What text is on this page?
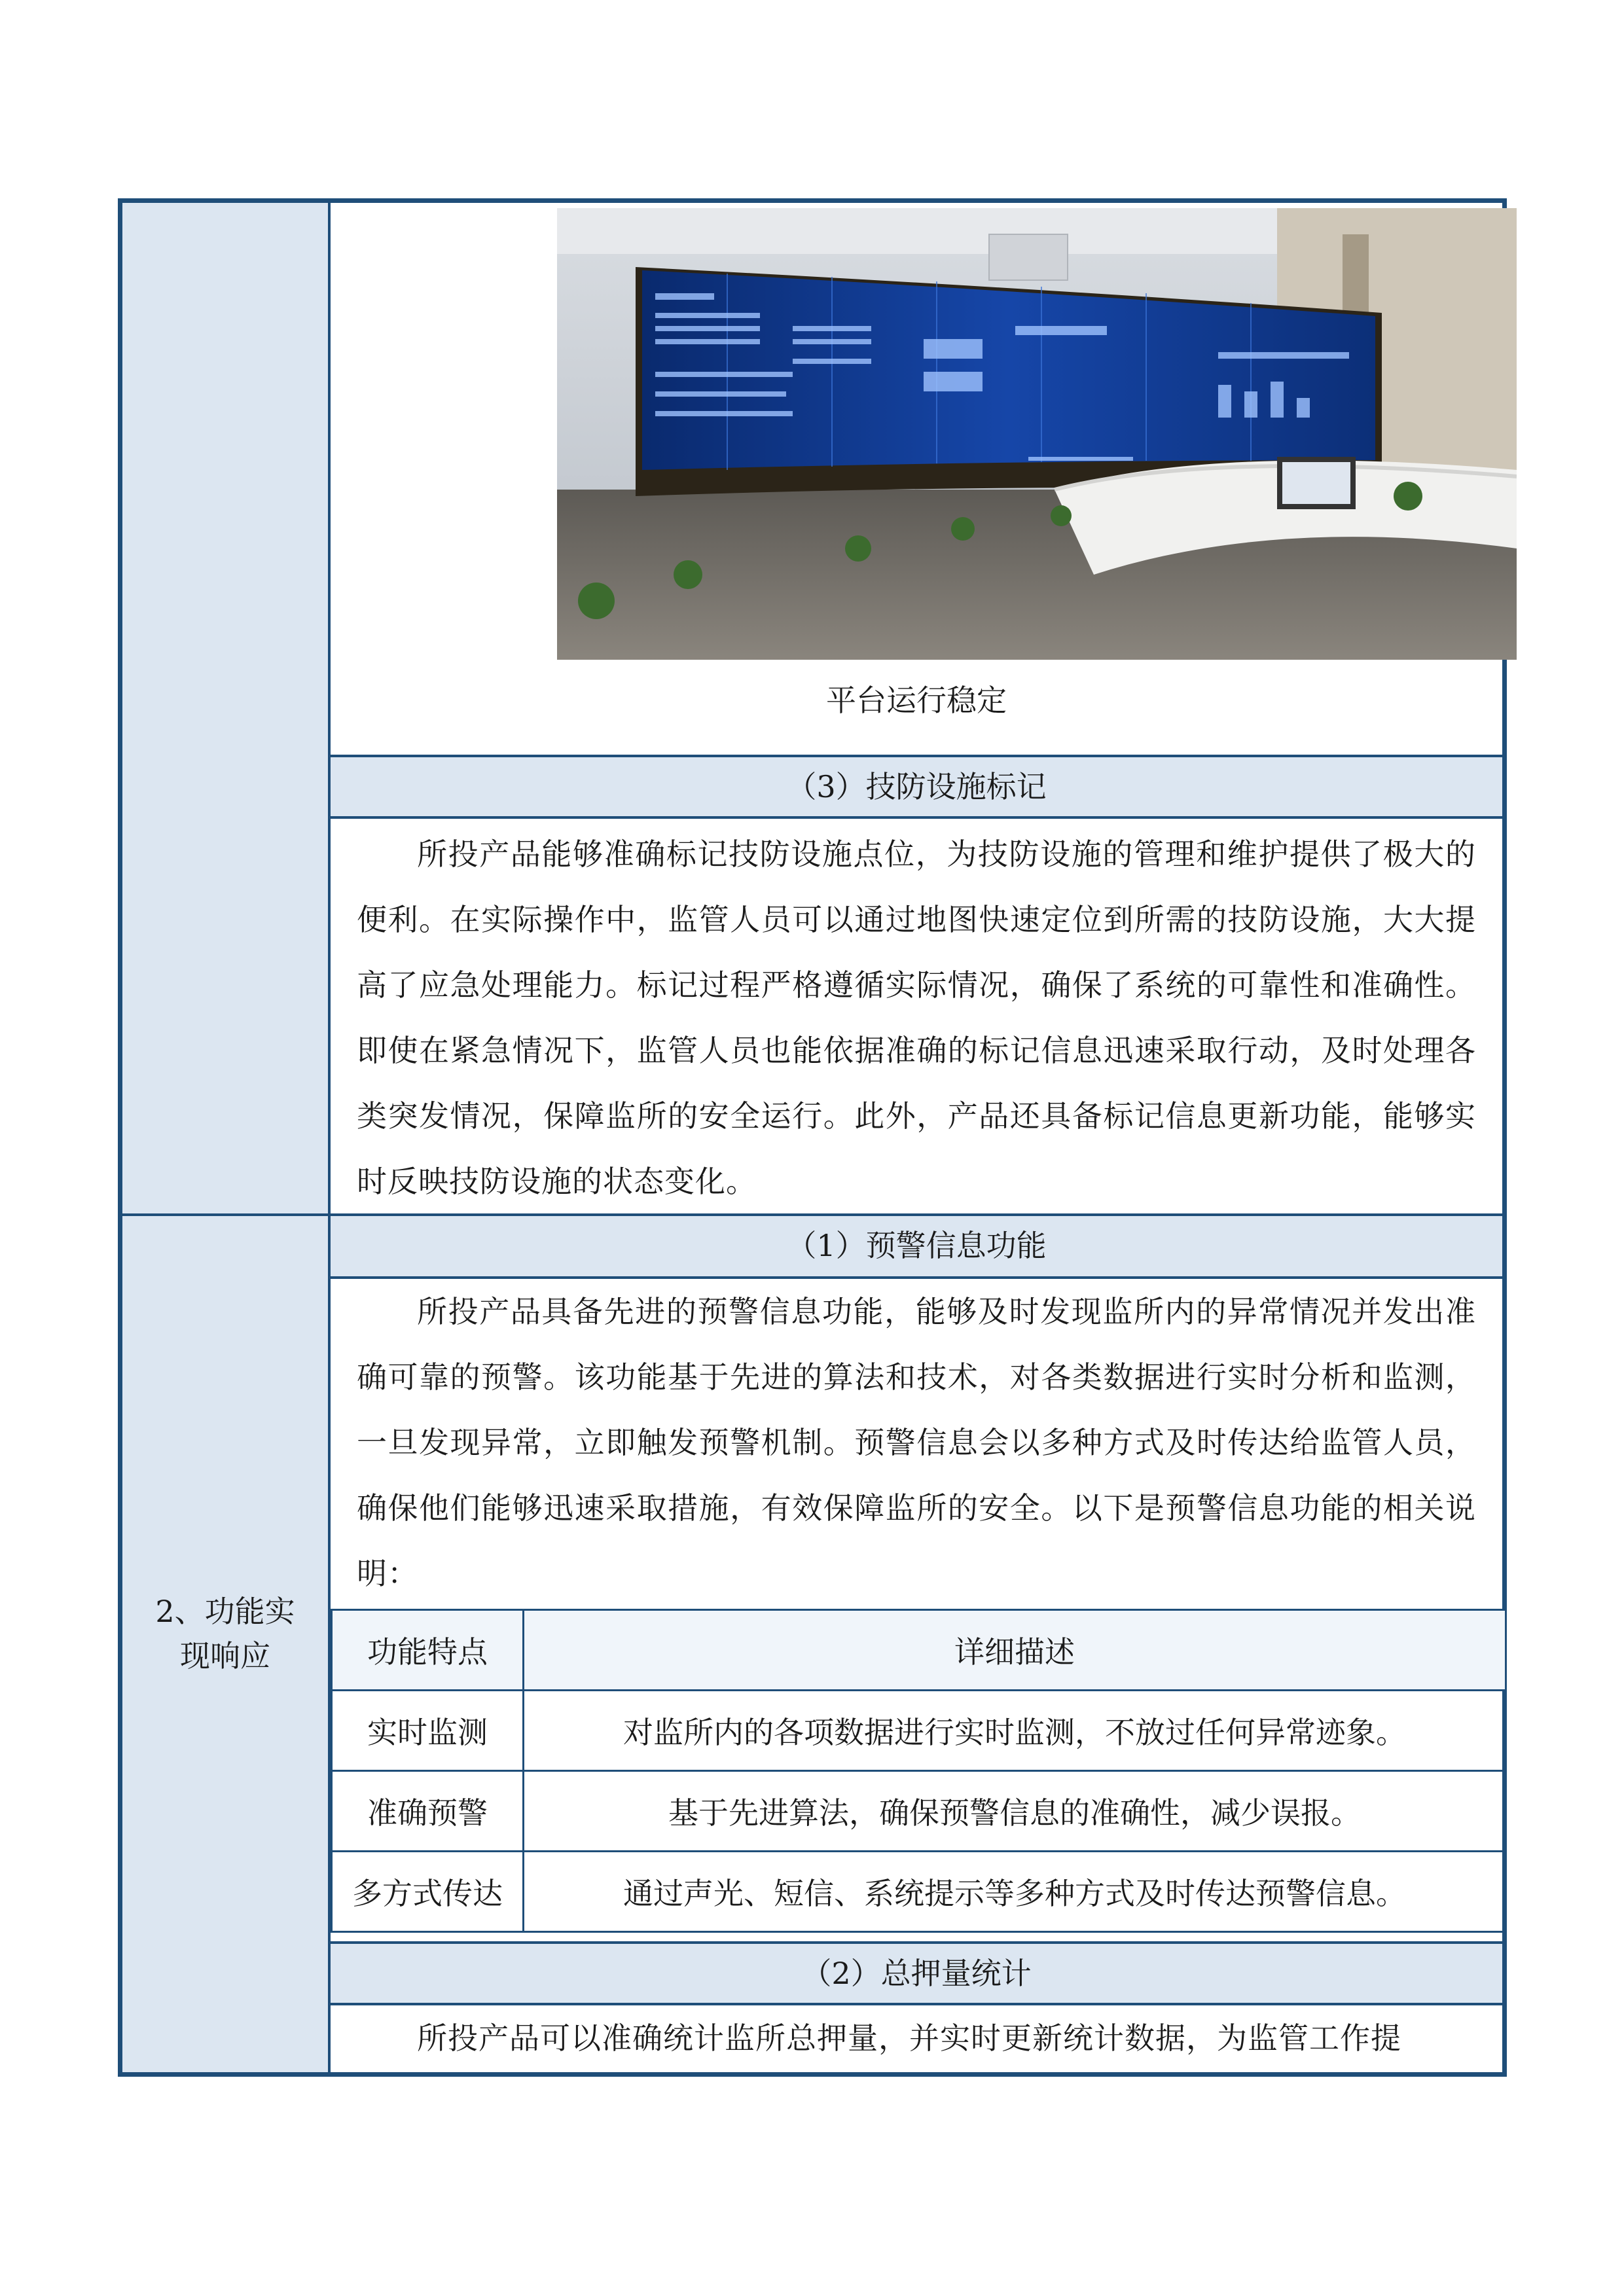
2、功能实
现响应
平台运行稳定
（3）技防设施标记
所投产品能够准确标记技防设施点位，为技防设施的管理和维护提供了极大的便利。在实际操作中，监管人员可以通过地图快速定位到所需的技防设施，大大提高了应急处理能力。标记过程严格遵循实际情况，确保了系统的可靠性和准确性。即使在紧急情况下，监管人员也能依据准确的标记信息迅速采取行动，及时处理各类突发情况，保障监所的安全运行。此外，产品还具备标记信息更新功能，能够实时反映技防设施的状态变化。
（1）预警信息功能
所投产品具备先进的预警信息功能，能够及时发现监所内的异常情况并发出准确可靠的预警。该功能基于先进的算法和技术，对各类数据进行实时分析和监测，一旦发现异常，立即触发预警机制。预警信息会以多种方式及时传达给监管人员，确保他们能够迅速采取措施，有效保障监所的安全。以下是预警信息功能的相关说明：
功能特点	详细描述
实时监测	对监所内的各项数据进行实时监测，不放过任何异常迹象。
准确预警	基于先进算法，确保预警信息的准确性，减少误报。
多方式传达	通过声光、短信、系统提示等多种方式及时传达预警信息。
（2）总押量统计
所投产品可以准确统计监所总押量，并实时更新统计数据，为监管工作提
